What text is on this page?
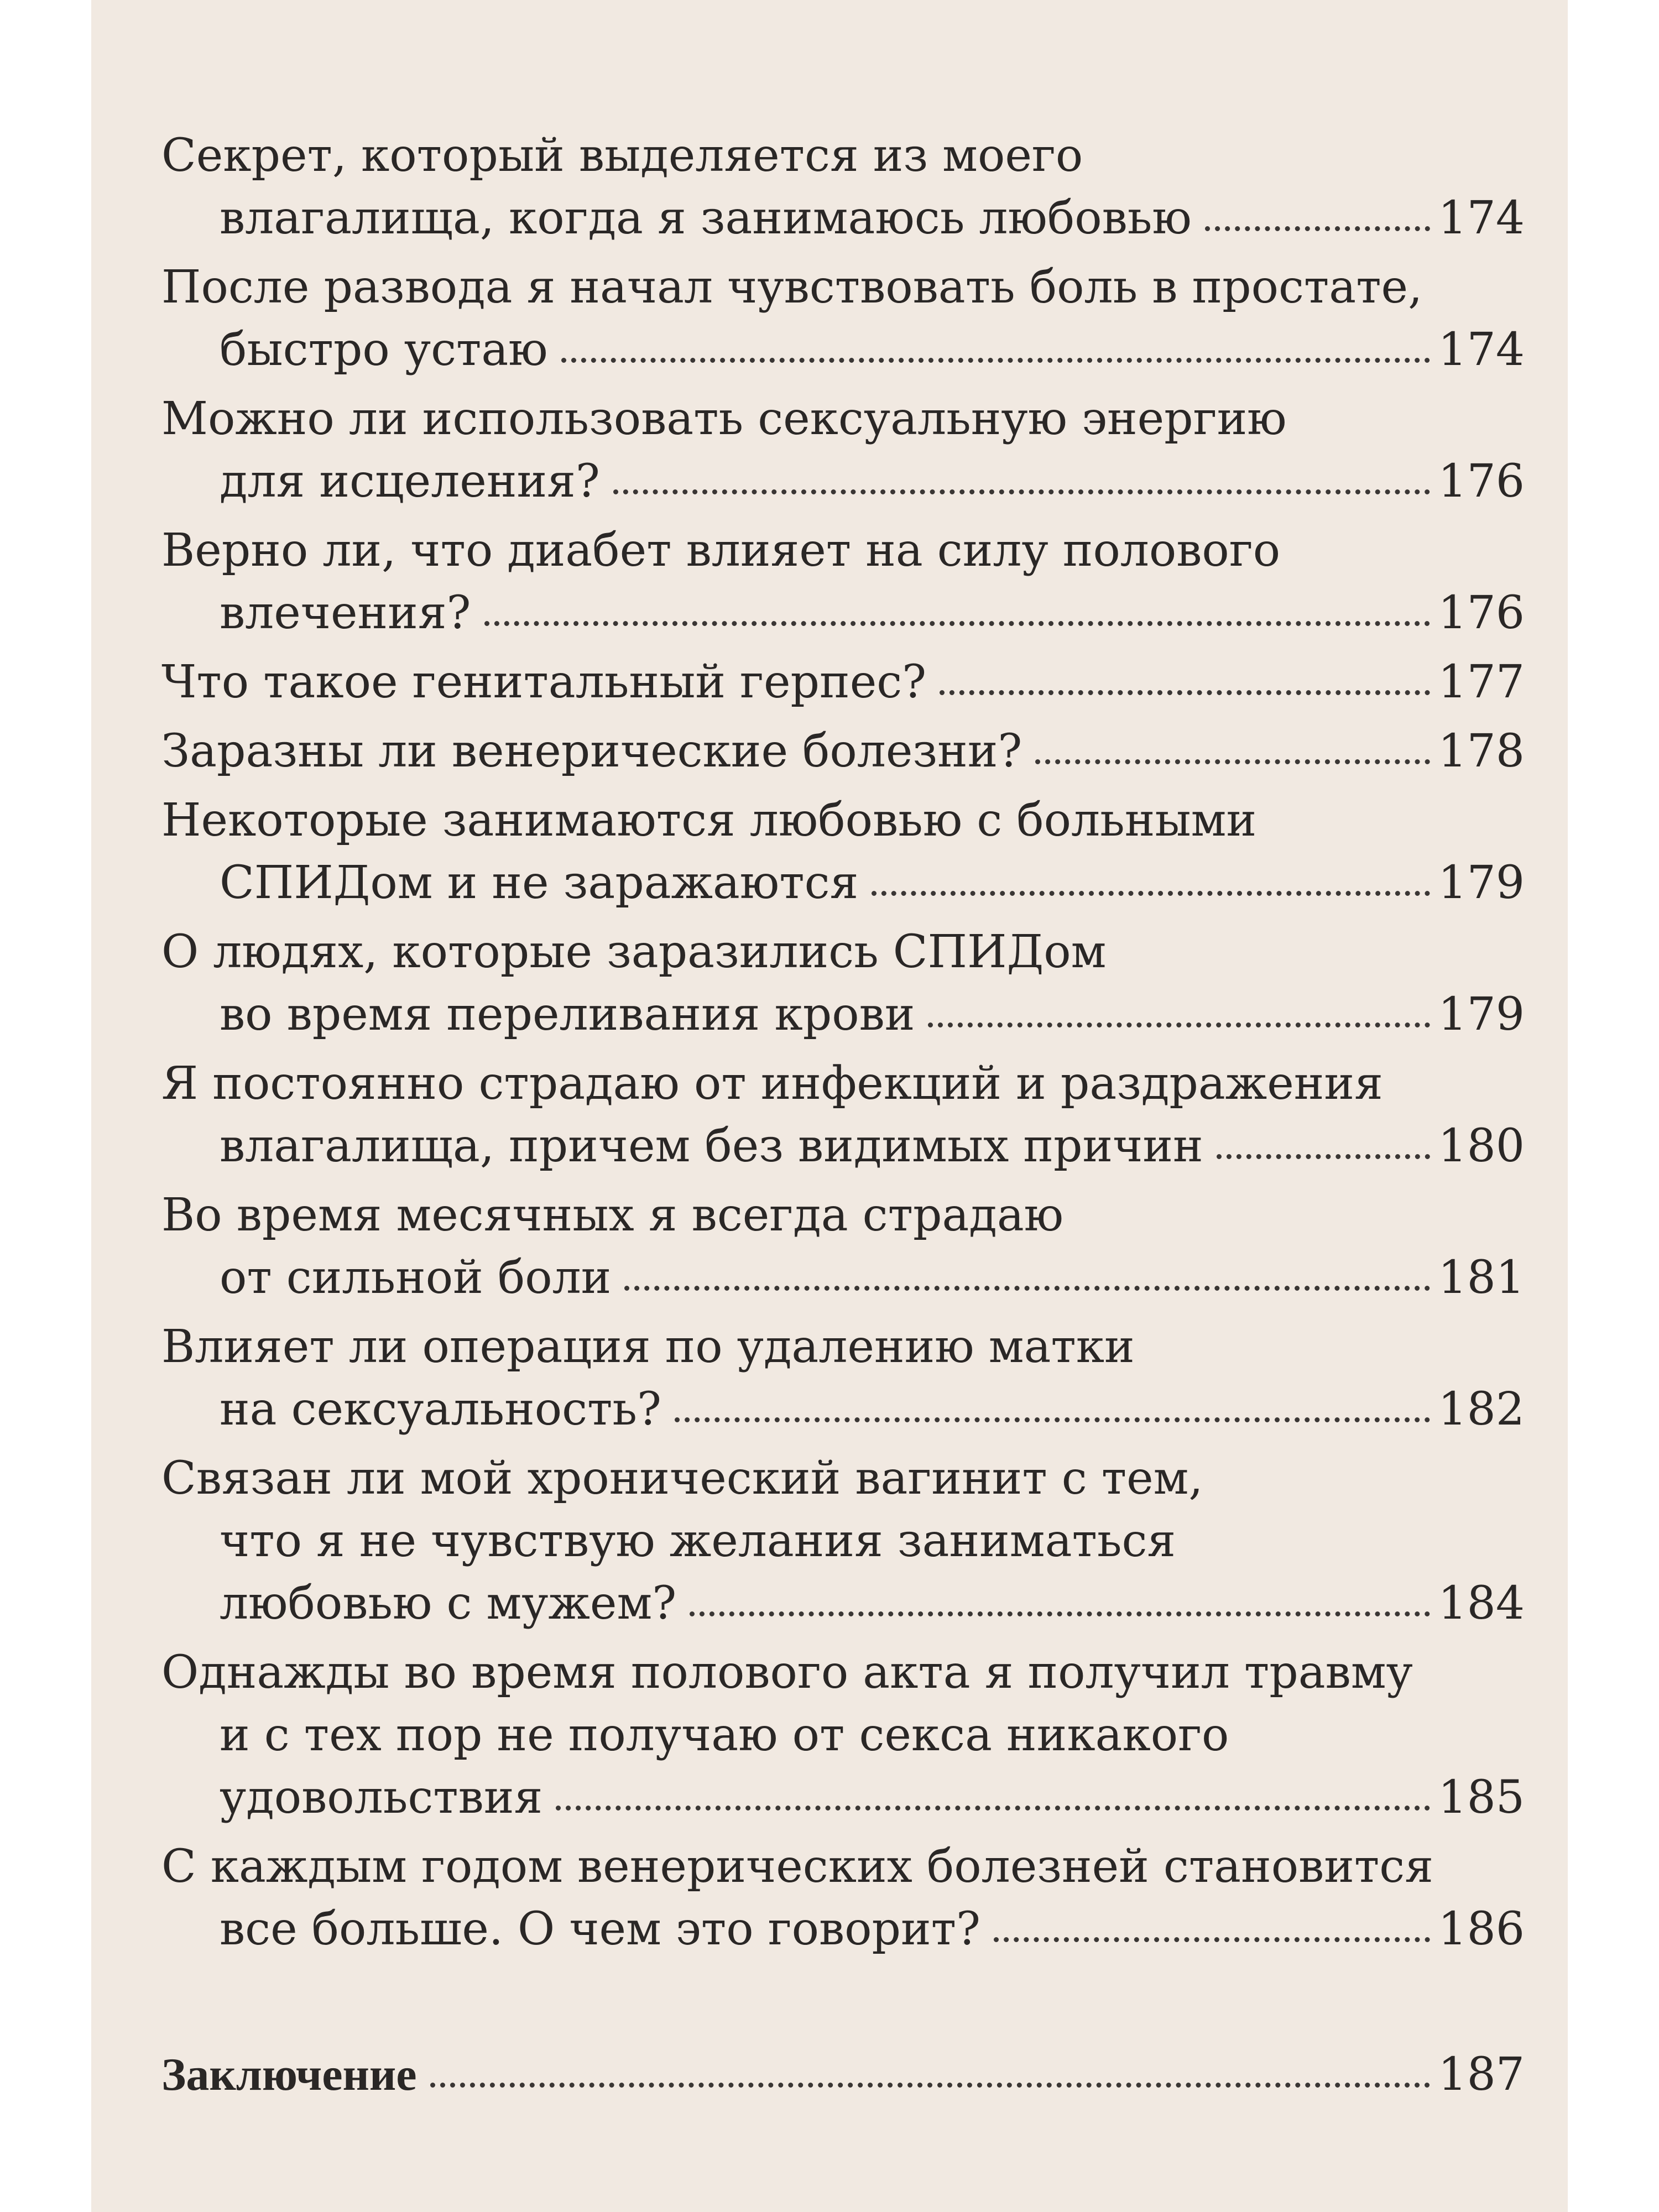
Секрет, который выделяется из моего
влагалища, когда я занимаюсь любовью	174
После развода я начал чувствовать боль в простате,
быстро устаю	174
Можно ли использовать сексуальную энергию
для исцеления?	176
Верно ли, что диабет влияет на силу полового
влечения?	176
Что такое генитальный герпес?	177
Заразны ли венерические болезни?	178
Некоторые занимаются любовью с больными
СПИДом и не заражаются	179
О людях, которые заразились СПИДом
во время переливания крови	179
Я постоянно страдаю от инфекций и раздражения
влагалища, причем без видимых причин	180
Во время месячных я всегда страдаю
от сильной боли	181
Влияет ли операция по удалению матки
на сексуальность?	182
Связан ли мой хронический вагинит с тем,
что я не чувствую желания заниматься
любовью с мужем?	184
Однажды во время полового акта я получил травму
и с тех пор не получаю от секса никакого
удовольствия	185
С каждым годом венерических болезней становится
все больше. О чем это говорит?	186
Заключение	187
